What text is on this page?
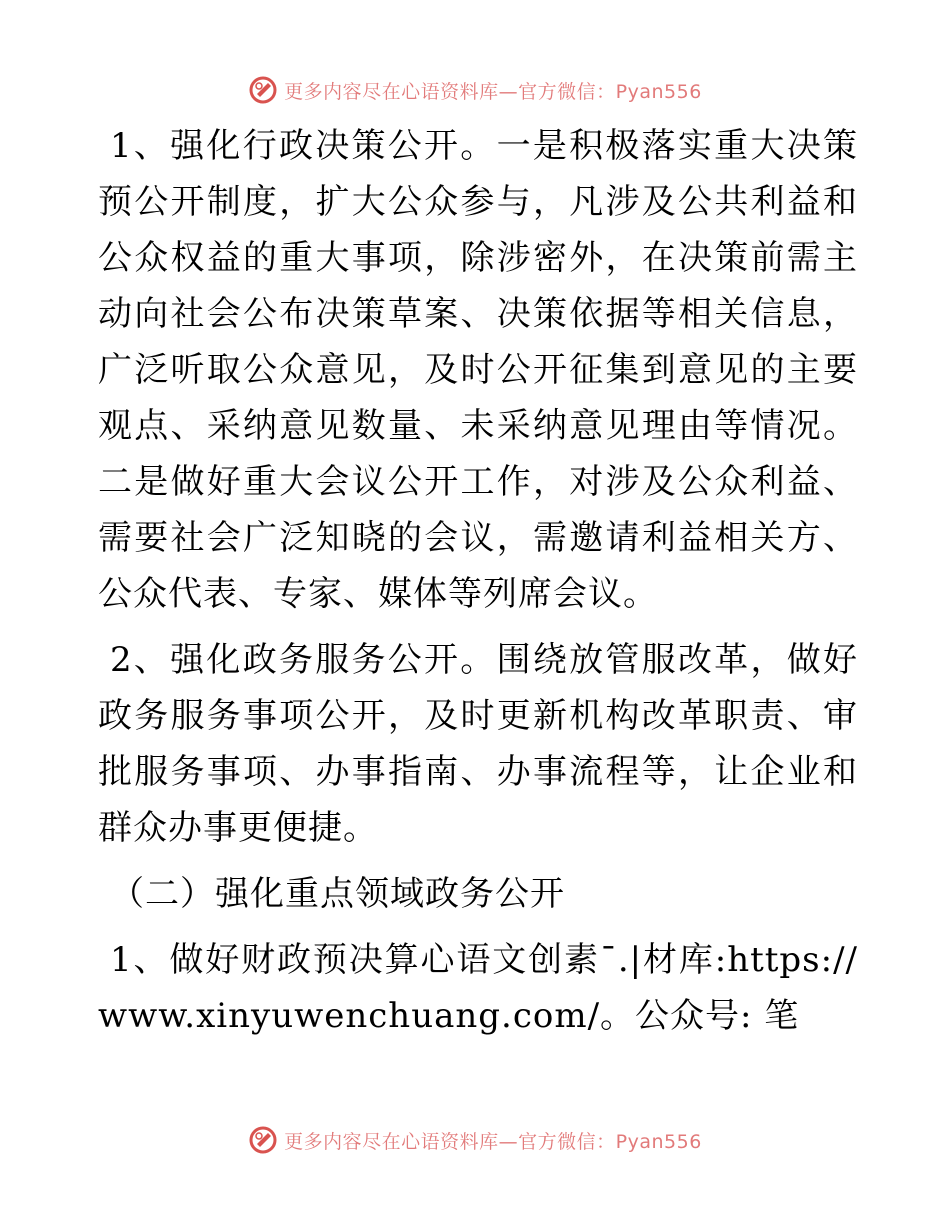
更多内容尽在心语资料库—官方微信：Pyan556

1、强化行政决策公开。一是积极落实重大决策预公开制度，扩大公众参与，凡涉及公共利益和公众权益的重大事项，除涉密外，在决策前需主动向社会公布决策草案、决策依据等相关信息，广泛听取公众意见，及时公开征集到意见的主要观点、采纳意见数量、未采纳意见理由等情况。二是做好重大会议公开工作，对涉及公众利益、需要社会广泛知晓的会议，需邀请利益相关方、公众代表、专家、媒体等列席会议。

2、强化政务服务公开。围绕放管服改革，做好政务服务事项公开，及时更新机构改革职责、审批服务事项、办事指南、办事流程等，让企业和群众办事更便捷。

（二）强化重点领域政务公开

1、做好财政预决算心语文创素¯.|材库:https://www.xinyuwenchuang.com/。公众号: 笔

更多内容尽在心语资料库—官方微信：Pyan556
